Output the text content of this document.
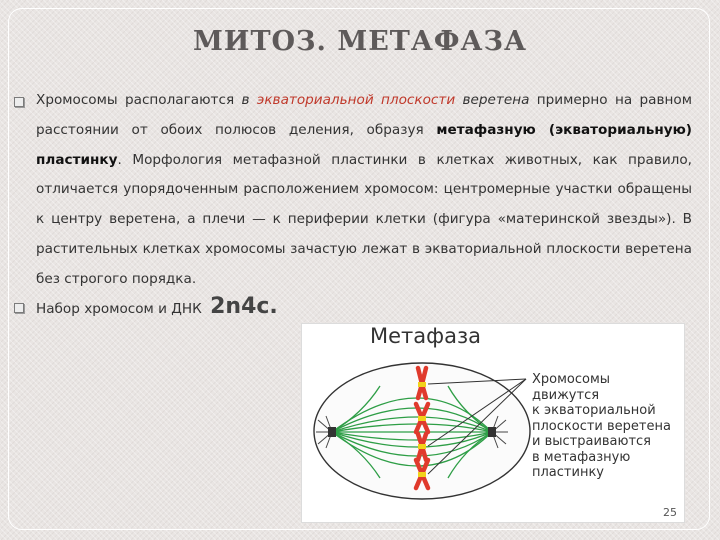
МИТОЗ. МЕТАФАЗА
Хромосомы располагаются в экваториальной плоскости веретена примерно на равном расстоянии от обоих полюсов деления, образуя метафазную (экваториальную) пластинку. Морфология метафазной пластинки в клетках животных, как правило, отличается упорядоченным расположением хромосом: центромерные участки обращены к центру веретена, а плечи — к периферии клетки (фигура «материнской звезды»). В растительных клетках хромосомы зачастую лежат в экваториальной плоскости веретена без строгого порядка.
Набор хромосом и ДНК 2n4c.
Метафаза
Хромосомы
движутся
к экваториальной
плоскости веретена
и выстраиваются
в метафазную
пластинку
25
